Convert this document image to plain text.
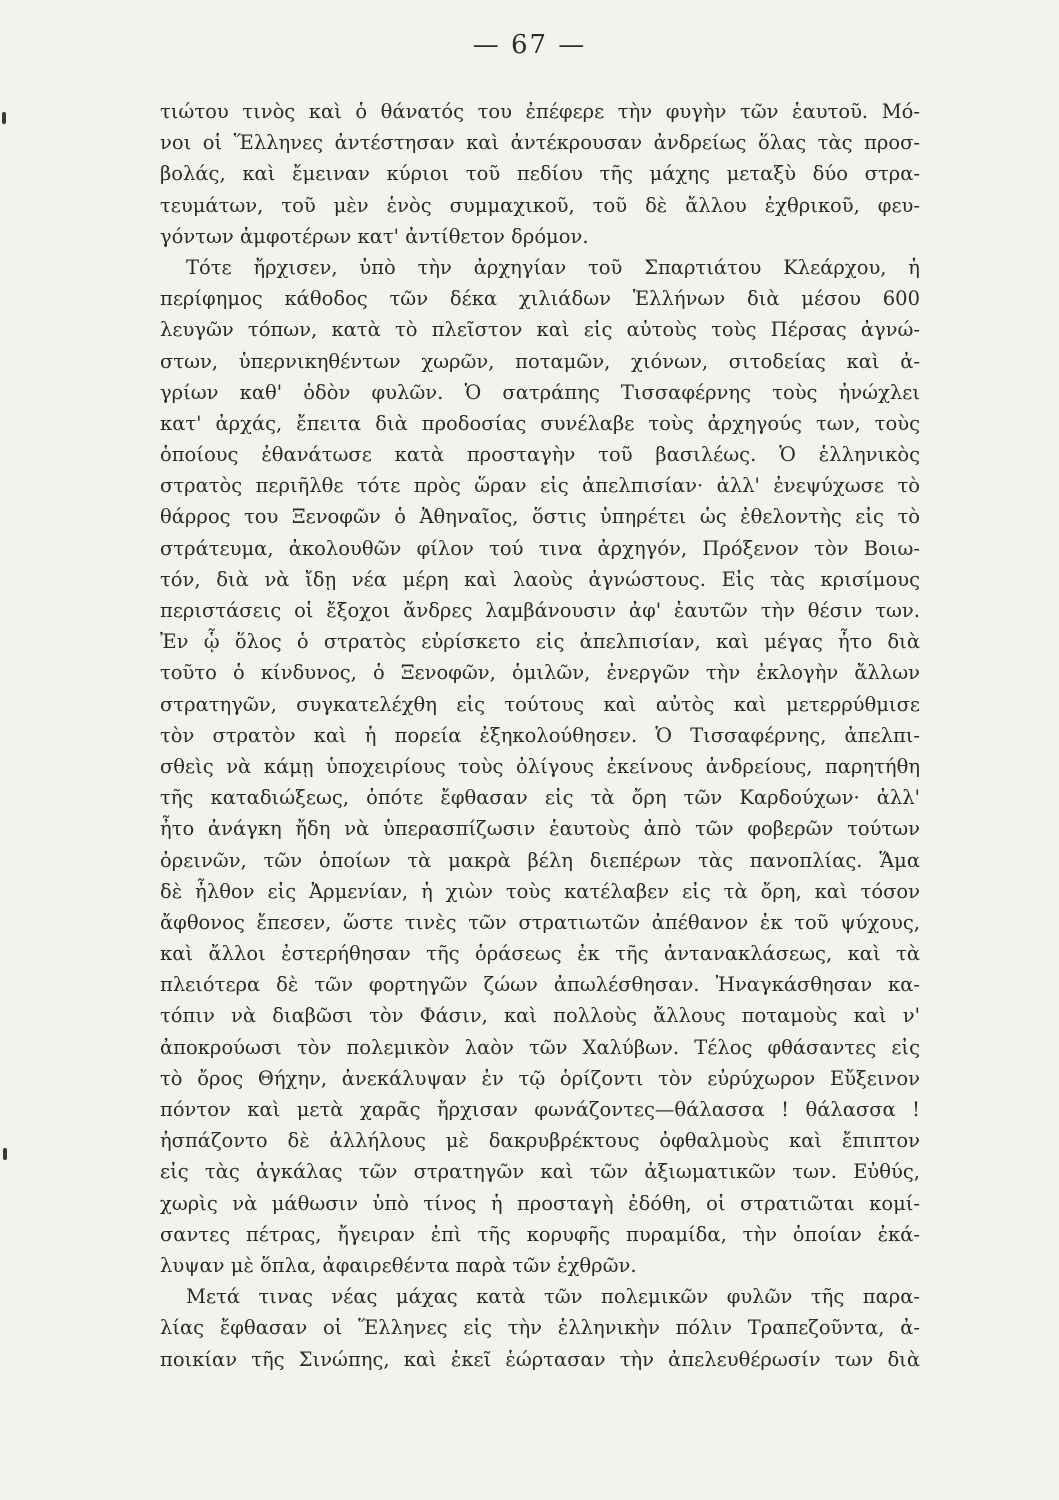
— 67 —
τιώτου τινὸς καὶ ὁ θάνατός του ἐπέφερε τὴν φυγὴν τῶν ἑαυτοῦ. Μό-
νοι οἱ Ἕλληνες ἀντέστησαν καὶ ἀντέκρουσαν ἀνδρείως ὅλας τὰς προσ-
βολάς, καὶ ἔμειναν κύριοι τοῦ πεδίου τῆς μάχης μεταξὺ δύο στρα-
τευμάτων, τοῦ μὲν ἑνὸς συμμαχικοῦ, τοῦ δὲ ἄλλου ἐχθρικοῦ, φευ-
γόντων ἀμφοτέρων κατ' ἀντίθετον δρόμον.
Τότε ἤρχισεν, ὑπὸ τὴν ἀρχηγίαν τοῦ Σπαρτιάτου Κλεάρχου, ἡ
περίφημος κάθοδος τῶν δέκα χιλιάδων Ἑλλήνων διὰ μέσου 600
λευγῶν τόπων, κατὰ τὸ πλεῖστον καὶ εἰς αὐτοὺς τοὺς Πέρσας ἀγνώ-
στων, ὑπερνικηθέντων χωρῶν, ποταμῶν, χιόνων, σιτοδείας καὶ ἀ-
γρίων καθ' ὁδὸν φυλῶν. Ὁ σατράπης Τισσαφέρνης τοὺς ἠνώχλει
κατ' ἀρχάς, ἔπειτα διὰ προδοσίας συνέλαβε τοὺς ἀρχηγούς των, τοὺς
ὁποίους ἐθανάτωσε κατὰ προσταγὴν τοῦ βασιλέως. Ὁ ἑλληνικὸς
στρατὸς περιῆλθε τότε πρὸς ὥραν εἰς ἀπελπισίαν· ἀλλ' ἐνεψύχωσε τὸ
θάρρος του Ξενοφῶν ὁ Ἀθηναῖος, ὅστις ὑπηρέτει ὡς ἐθελοντὴς εἰς τὸ
στράτευμα, ἀκολουθῶν φίλον τού τινα ἀρχηγόν, Πρόξενον τὸν Βοιω-
τόν, διὰ νὰ ἴδῃ νέα μέρη καὶ λαοὺς ἀγνώστους. Εἰς τὰς κρισίμους
περιστάσεις οἱ ἔξοχοι ἄνδρες λαμβάνουσιν ἀφ' ἑαυτῶν τὴν θέσιν των.
Ἐν ᾧ ὅλος ὁ στρατὸς εὑρίσκετο εἰς ἀπελπισίαν, καὶ μέγας ἦτο διὰ
τοῦτο ὁ κίνδυνος, ὁ Ξενοφῶν, ὁμιλῶν, ἐνεργῶν τὴν ἐκλογὴν ἄλλων
στρατηγῶν, συγκατελέχθη εἰς τούτους καὶ αὐτὸς καὶ μετερρύθμισε
τὸν στρατὸν καὶ ἡ πορεία ἐξηκολούθησεν. Ὁ Τισσαφέρνης, ἀπελπι-
σθεὶς νὰ κάμῃ ὑποχειρίους τοὺς ὀλίγους ἐκείνους ἀνδρείους, παρητήθη
τῆς καταδιώξεως, ὁπότε ἔφθασαν εἰς τὰ ὄρη τῶν Καρδούχων· ἀλλ'
ἦτο ἀνάγκη ἤδη νὰ ὑπερασπίζωσιν ἑαυτοὺς ἀπὸ τῶν φοβερῶν τούτων
ὀρεινῶν, τῶν ὁποίων τὰ μακρὰ βέλη διεπέρων τὰς πανοπλίας. Ἅμα
δὲ ἦλθον εἰς Ἀρμενίαν, ἡ χιὼν τοὺς κατέλαβεν εἰς τὰ ὄρη, καὶ τόσον
ἄφθονος ἔπεσεν, ὥστε τινὲς τῶν στρατιωτῶν ἀπέθανον ἐκ τοῦ ψύχους,
καὶ ἄλλοι ἐστερήθησαν τῆς ὁράσεως ἐκ τῆς ἀντανακλάσεως, καὶ τὰ
πλειότερα δὲ τῶν φορτηγῶν ζώων ἀπωλέσθησαν. Ἠναγκάσθησαν κα-
τόπιν νὰ διαβῶσι τὸν Φάσιν, καὶ πολλοὺς ἄλλους ποταμοὺς καὶ ν'
ἀποκρούωσι τὸν πολεμικὸν λαὸν τῶν Χαλύβων. Τέλος φθάσαντες εἰς
τὸ ὄρος Θήχην, ἀνεκάλυψαν ἐν τῷ ὁρίζοντι τὸν εὐρύχωρον Εὔξεινον
πόντον καὶ μετὰ χαρᾶς ἤρχισαν φωνάζοντες—θάλασσα ! θάλασσα !
ἠσπάζοντο δὲ ἀλλήλους μὲ δακρυβρέκτους ὀφθαλμοὺς καὶ ἔπιπτον
εἰς τὰς ἀγκάλας τῶν στρατηγῶν καὶ τῶν ἀξιωματικῶν των. Εὐθύς,
χωρὶς νὰ μάθωσιν ὑπὸ τίνος ἡ προσταγὴ ἐδόθη, οἱ στρατιῶται κομί-
σαντες πέτρας, ἤγειραν ἐπὶ τῆς κορυφῆς πυραμίδα, τὴν ὁποίαν ἐκά-
λυψαν μὲ ὅπλα, ἀφαιρεθέντα παρὰ τῶν ἐχθρῶν.
Μετά τινας νέας μάχας κατὰ τῶν πολεμικῶν φυλῶν τῆς παρα-
λίας ἔφθασαν οἱ Ἕλληνες εἰς τὴν ἑλληνικὴν πόλιν Τραπεζοῦντα, ἀ-
ποικίαν τῆς Σινώπης, καὶ ἐκεῖ ἑώρτασαν τὴν ἀπελευθέρωσίν των διὰ
